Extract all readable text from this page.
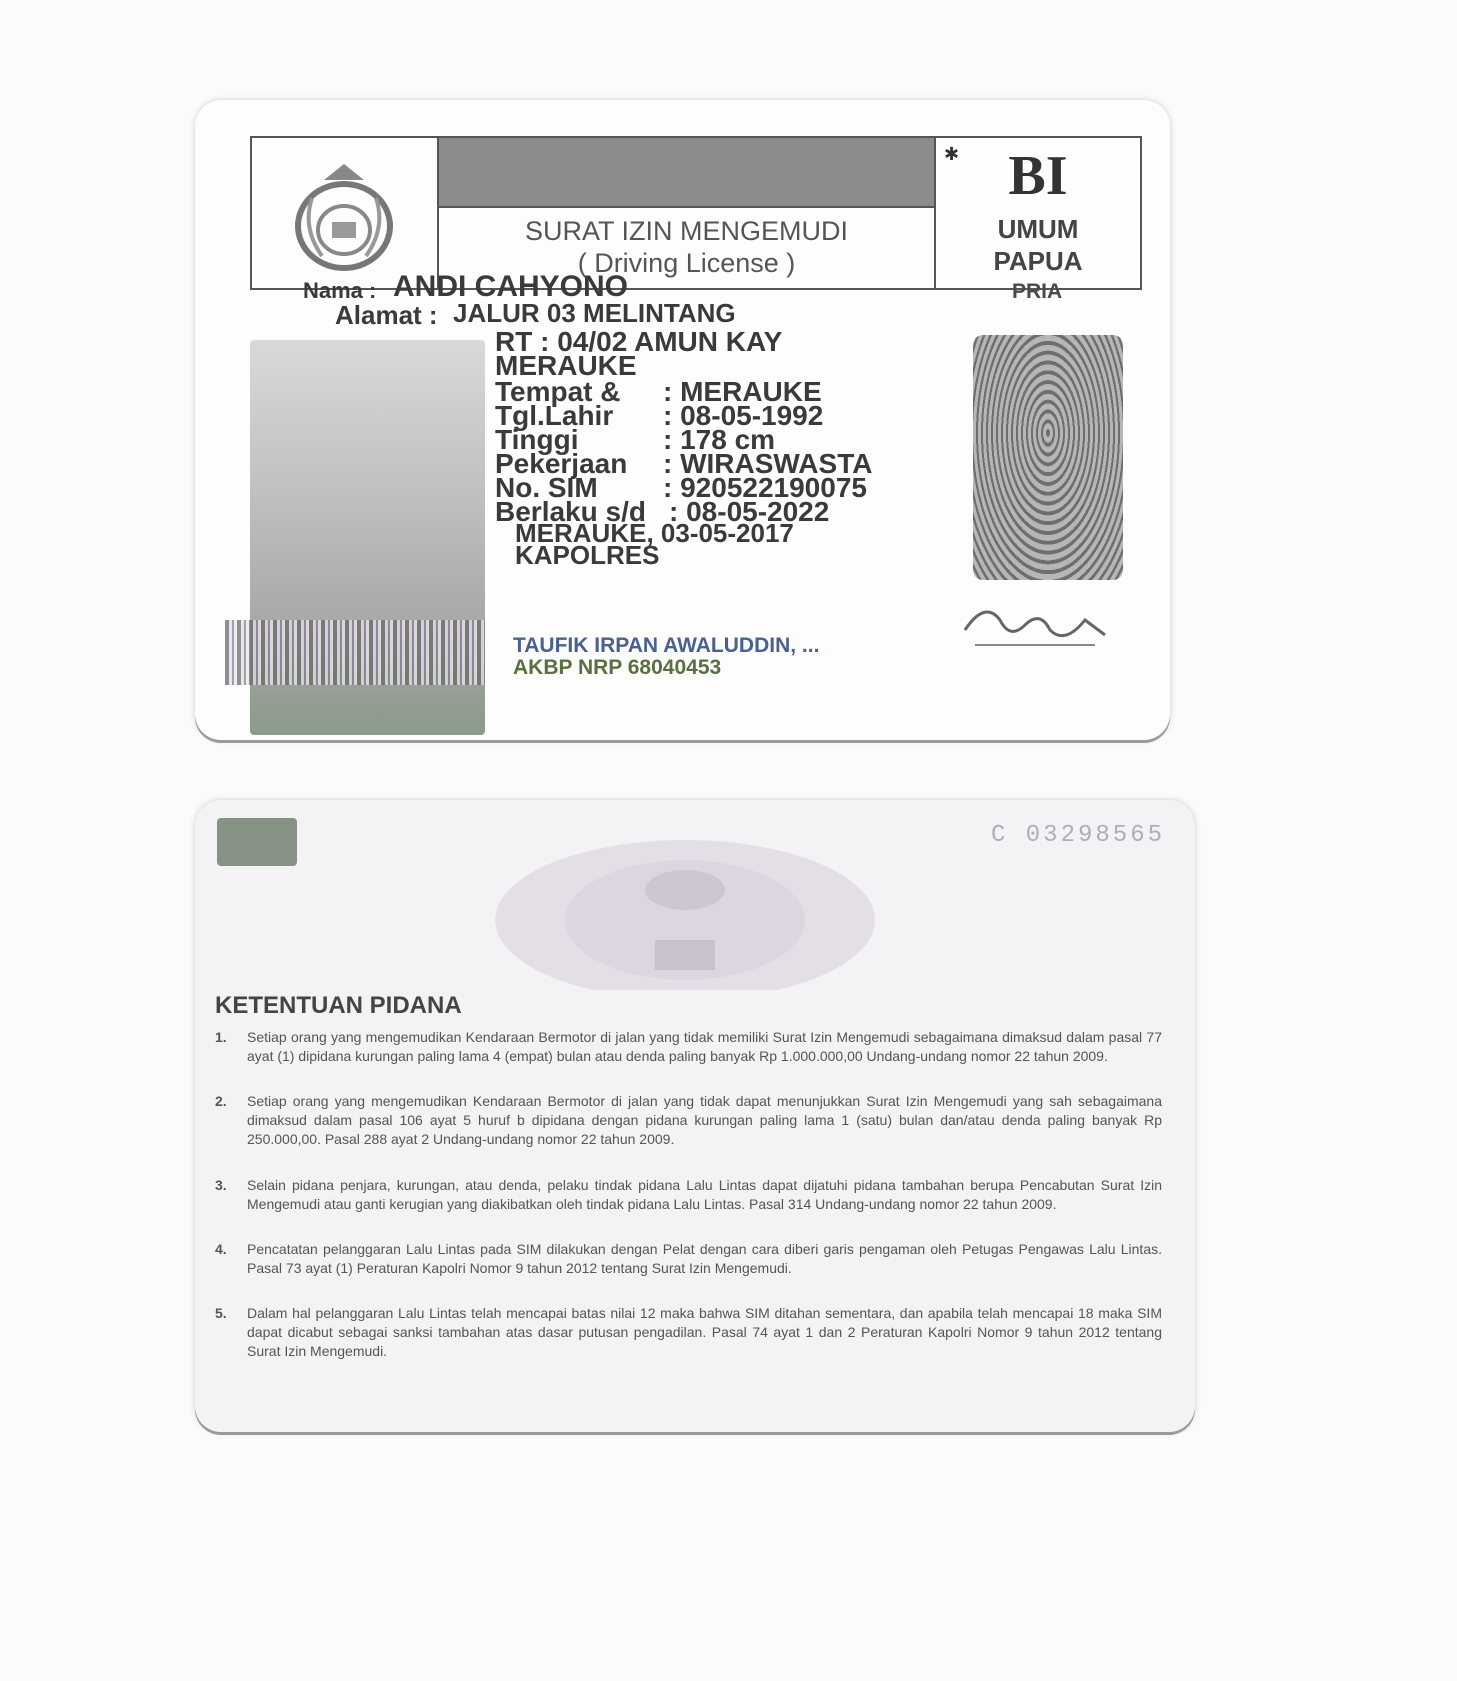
SURAT IZIN MENGEMUDI
( Driving License )
✱ BI
UMUM
PAPUA
PRIA
Nama : ANDI CAHYONO
Alamat : JALUR 03 MELINTANG
RT : 04/02 AMUN KAY
MERAUKE
Tempat & : MERAUKE
Tgl.Lahir : 08-05-1992
Tinggi	: 178 cm
Pekerjaan : WIRASWASTA
No. SIM : 920522190075
Berlaku s/d : 08-05-2022
MERAUKE, 03-05-2017
KAPOLRES
TAUFIK IRPAN AWALUDDIN, ...
AKBP NRP 68040453
C 03298565
KETENTUAN PIDANA
1. Setiap orang yang mengemudikan Kendaraan Bermotor di jalan yang tidak memiliki Surat Izin Mengemudi sebagaimana dimaksud dalam pasal 77 ayat (1) dipidana kurungan paling lama 4 (empat) bulan atau denda paling banyak Rp 1.000.000,00 Undang-undang nomor 22 tahun 2009.
2. Setiap orang yang mengemudikan Kendaraan Bermotor di jalan yang tidak dapat menunjukkan Surat Izin Mengemudi yang sah sebagaimana dimaksud dalam pasal 106 ayat 5 huruf b dipidana dengan pidana kurungan paling lama 1 (satu) bulan dan/atau denda paling banyak Rp 250.000,00. Pasal 288 ayat 2 Undang-undang nomor 22 tahun 2009.
3. Selain pidana penjara, kurungan, atau denda, pelaku tindak pidana Lalu Lintas dapat dijatuhi pidana tambahan berupa Pencabutan Surat Izin Mengemudi atau ganti kerugian yang diakibatkan oleh tindak pidana Lalu Lintas. Pasal 314 Undang-undang nomor 22 tahun 2009.
4. Pencatatan pelanggaran Lalu Lintas pada SIM dilakukan dengan Pelat dengan cara diberi garis pengaman oleh Petugas Pengawas Lalu Lintas. Pasal 73 ayat (1) Peraturan Kapolri Nomor 9 tahun 2012 tentang Surat Izin Mengemudi.
5. Dalam hal pelanggaran Lalu Lintas telah mencapai batas nilai 12 maka bahwa SIM ditahan sementara, dan apabila telah mencapai 18 maka SIM dapat dicabut sebagai sanksi tambahan atas dasar putusan pengadilan. Pasal 74 ayat 1 dan 2 Peraturan Kapolri Nomor 9 tahun 2012 tentang Surat Izin Mengemudi.
